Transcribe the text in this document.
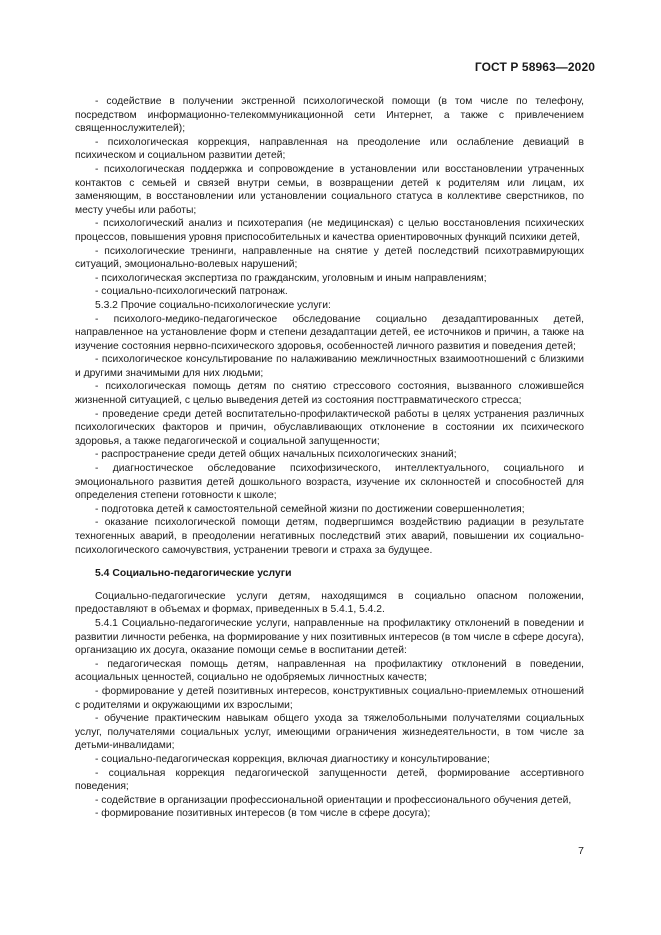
ГОСТ Р 58963—2020

- содействие в получении экстренной психологической помощи (в том числе по телефону, посредством информационно-телекоммуникационной сети Интернет, а также с привлечением священнослужителей);

- психологическая коррекция, направленная на преодоление или ослабление девиаций в психическом и социальном развитии детей;

- психологическая поддержка и сопровождение в установлении или восстановлении утраченных контактов с семьей и связей внутри семьи, в возвращении детей к родителям или лицам, их заменяющим, в восстановлении или установлении социального статуса в коллективе сверстников, по месту учебы или работы;

- психологический анализ и психотерапия (не медицинская) с целью восстановления психических процессов, повышения уровня приспособительных и качества ориентировочных функций психики детей,

- психологические тренинги, направленные на снятие у детей последствий психотравмирующих ситуаций, эмоционально-волевых нарушений;

- психологическая экспертиза по гражданским, уголовным и иным направлениям;

- социально-психологический патронаж.

5.3.2 Прочие социально-психологические услуги:

- психолого-медико-педагогическое обследование социально дезадаптированных детей, направленное на установление форм и степени дезадаптации детей, ее источников и причин, а также на изучение состояния нервно-психического здоровья, особенностей личного развития и поведения детей;

- психологическое консультирование по налаживанию межличностных взаимоотношений с близкими и другими значимыми для них людьми;

- психологическая помощь детям по снятию стрессового состояния, вызванного сложившейся жизненной ситуацией, с целью выведения детей из состояния посттравматического стресса;

- проведение среди детей воспитательно-профилактической работы в целях устранения различных психологических факторов и причин, обуславливающих отклонение в состоянии их психического здоровья, а также педагогической и социальной запущенности;

- распространение среди детей общих начальных психологических знаний;

- диагностическое обследование психофизического, интеллектуального, социального и эмоционального развития детей дошкольного возраста, изучение их склонностей и способностей для определения степени готовности к школе;

- подготовка детей к самостоятельной семейной жизни по достижении совершеннолетия;

- оказание психологической помощи детям, подвергшимся воздействию радиации в результате техногенных аварий, в преодолении негативных последствий этих аварий, повышении их социально-психологического самочувствия, устранении тревоги и страха за будущее.

5.4 Социально-педагогические услуги

Социально-педагогические услуги детям, находящимся в социально опасном положении, предоставляют в объемах и формах, приведенных в 5.4.1, 5.4.2.

5.4.1 Социально-педагогические услуги, направленные на профилактику отклонений в поведении и развитии личности ребенка, на формирование у них позитивных интересов (в том числе в сфере досуга), организацию их досуга, оказание помощи семье в воспитании детей:

- педагогическая помощь детям, направленная на профилактику отклонений в поведении, асоциальных ценностей, социально не одобряемых личностных качеств;

- формирование у детей позитивных интересов, конструктивных социально-приемлемых отношений с родителями и окружающими их взрослыми;

- обучение практическим навыкам общего ухода за тяжелобольными получателями социальных услуг, получателями социальных услуг, имеющими ограничения жизнедеятельности, в том числе за детьми-инвалидами;

- социально-педагогическая коррекция, включая диагностику и консультирование;

- социальная коррекция педагогической запущенности детей, формирование ассертивного поведения;

- содействие в организации профессиональной ориентации и профессионального обучения детей,

- формирование позитивных интересов (в том числе в сфере досуга);

7
